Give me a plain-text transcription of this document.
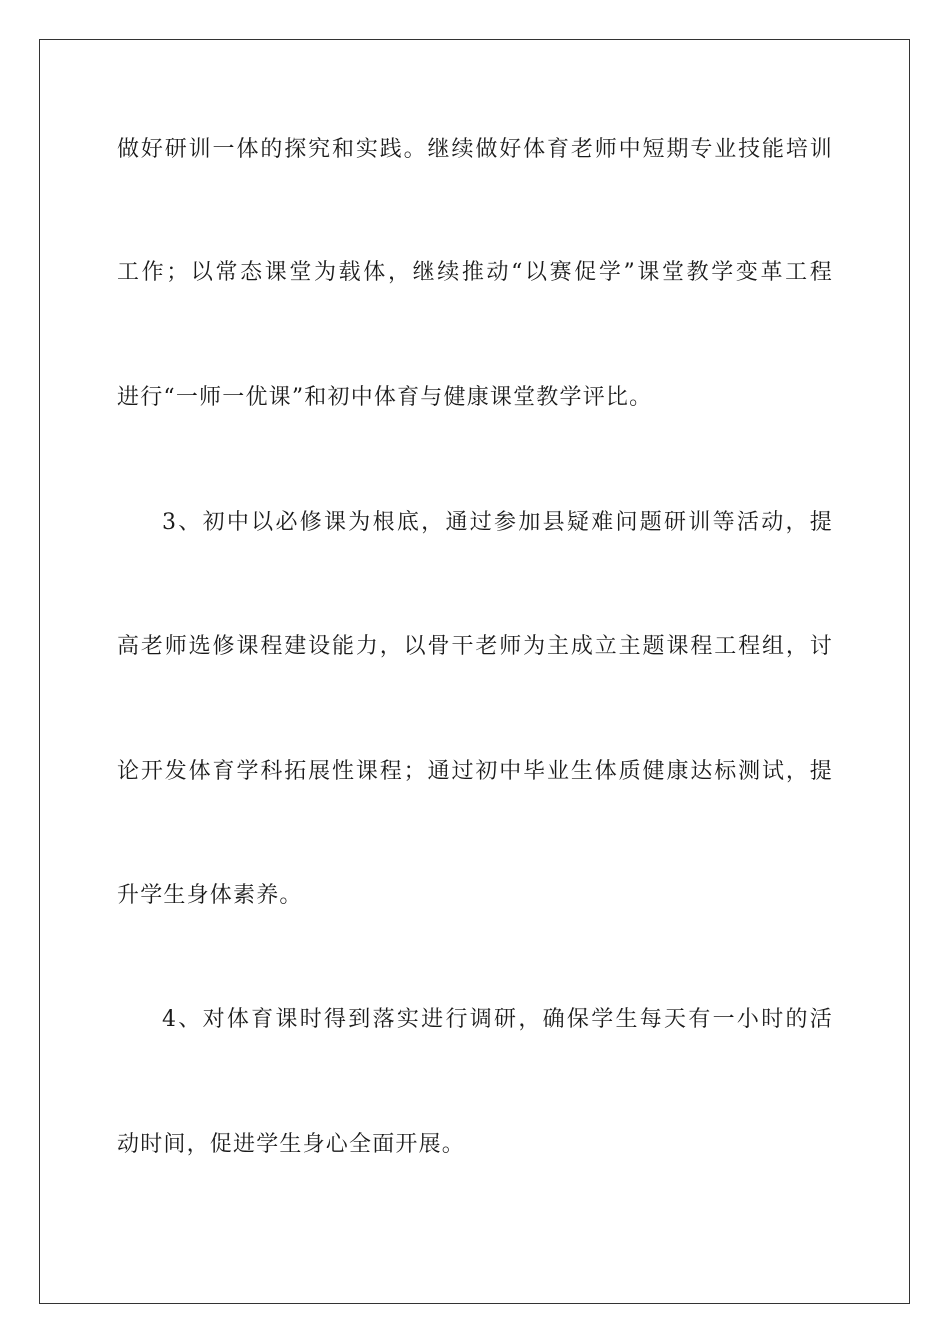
做好研训一体的探究和实践。继续做好体育老师中短期专业技能培训
工作；以常态课堂为载体，继续推动“以赛促学”课堂教学变革工程
进行“一师一优课”和初中体育与健康课堂教学评比。
3、初中以必修课为根底，通过参加县疑难问题研训等活动，提
高老师选修课程建设能力，以骨干老师为主成立主题课程工程组，讨
论开发体育学科拓展性课程；通过初中毕业生体质健康达标测试，提
升学生身体素养。
4、对体育课时得到落实进行调研，确保学生每天有一小时的活
动时间，促进学生身心全面开展。
